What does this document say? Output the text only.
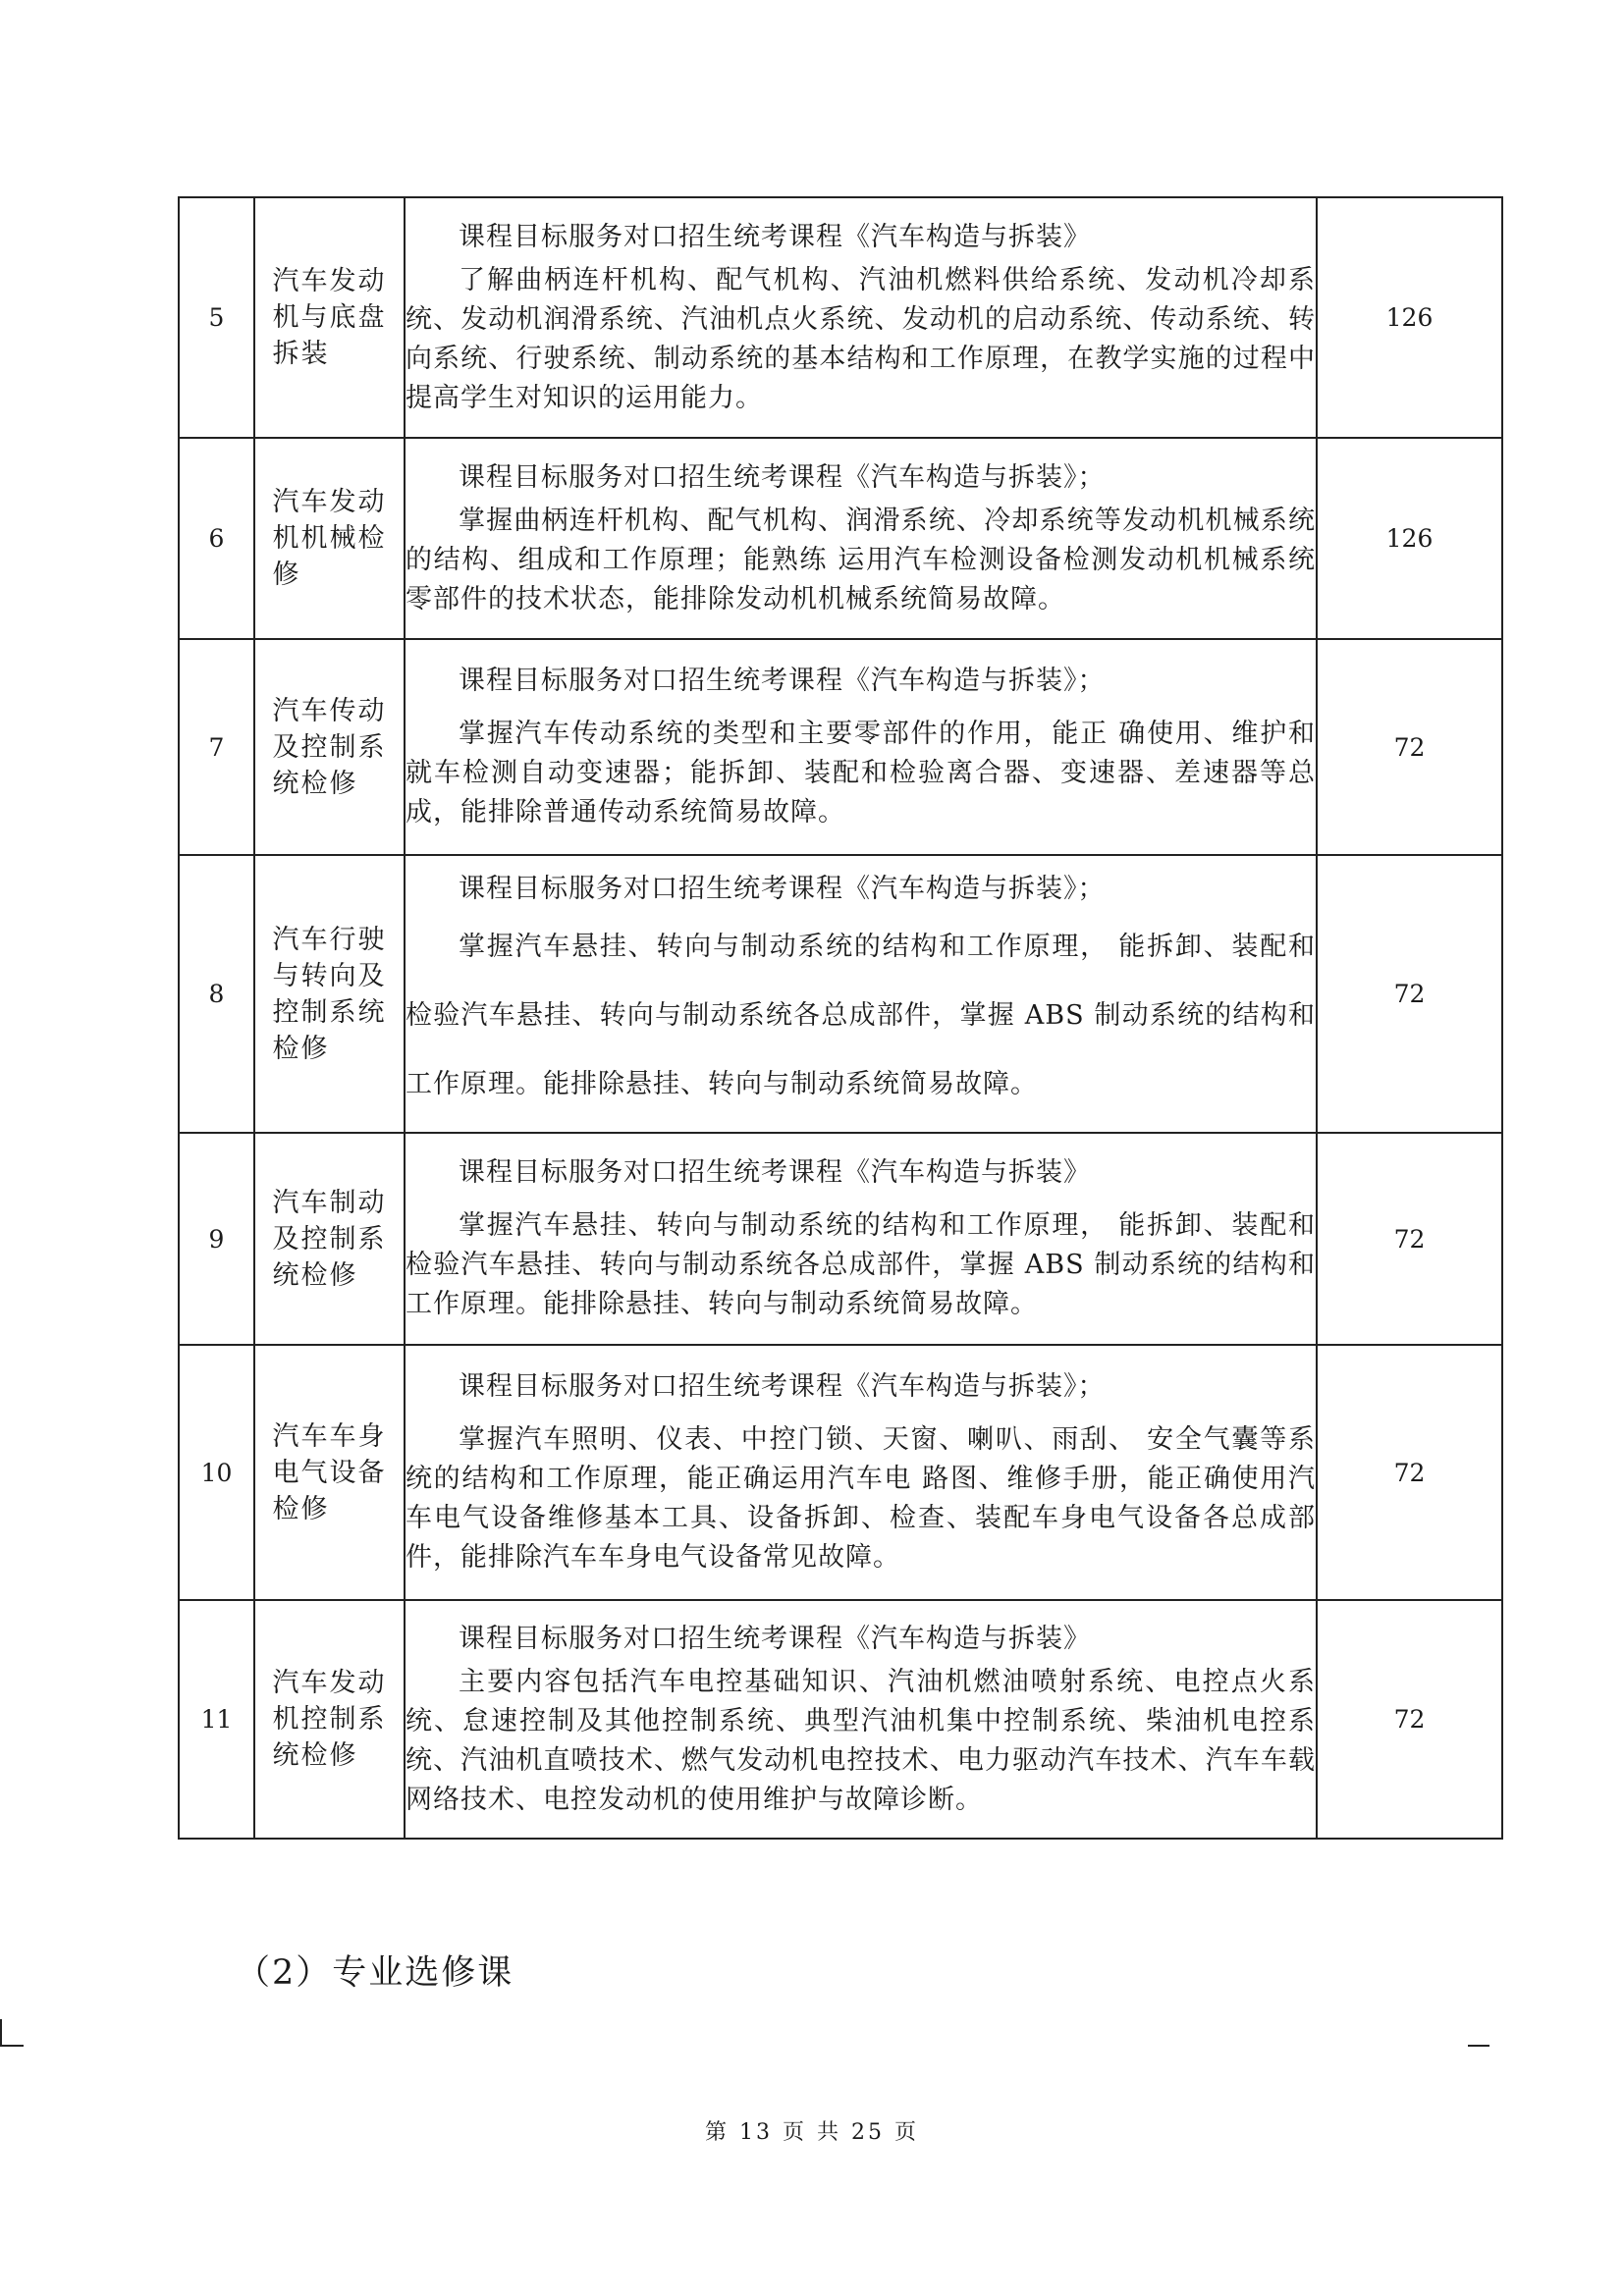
5	汽车发动机与底盘拆装	课程目标服务对口招生统考课程《汽车构造与拆装》

了解曲柄连杆机构、配气机构、汽油机燃料供给系统、发动机冷却系统、发动机润滑系统、汽油机点火系统、发动机的启动系统、传动系统、转向系统、行驶系统、制动系统的基本结构和工作原理，在教学实施的过程中提高学生对知识的运用能力。	126
6	汽车发动机机械检修	课程目标服务对口招生统考课程《汽车构造与拆装》；

掌握曲柄连杆机构、配气机构、润滑系统、冷却系统等发动机机械系统的结构、组成和工作原理；能熟练 运用汽车检测设备检测发动机机械系统零部件的技术状态，能排除发动机机械系统简易故障。	126
7	汽车传动及控制系统检修	课程目标服务对口招生统考课程《汽车构造与拆装》；

掌握汽车传动系统的类型和主要零部件的作用，能正 确使用、维护和就车检测自动变速器；能拆卸、装配和检验离合器、变速器、差速器等总成，能排除普通传动系统简易故障。	72
8	汽车行驶与转向及控制系统检修	课程目标服务对口招生统考课程《汽车构造与拆装》；

掌握汽车悬挂、转向与制动系统的结构和工作原理， 能拆卸、装配和检验汽车悬挂、转向与制动系统各总成部件，掌握 ABS 制动系统的结构和工作原理。能排除悬挂、转向与制动系统简易故障。	72
9	汽车制动及控制系统检修	课程目标服务对口招生统考课程《汽车构造与拆装》

掌握汽车悬挂、转向与制动系统的结构和工作原理， 能拆卸、装配和检验汽车悬挂、转向与制动系统各总成部件，掌握 ABS 制动系统的结构和工作原理。能排除悬挂、转向与制动系统简易故障。	72
10	汽车车身电气设备检修	课程目标服务对口招生统考课程《汽车构造与拆装》；

掌握汽车照明、仪表、中控门锁、天窗、喇叭、雨刮、 安全气囊等系统的结构和工作原理，能正确运用汽车电 路图、维修手册，能正确使用汽车电气设备维修基本工具、设备拆卸、检查、装配车身电气设备各总成部件，能排除汽车车身电气设备常见故障。	72
11	汽车发动机控制系统检修	课程目标服务对口招生统考课程《汽车构造与拆装》

主要内容包括汽车电控基础知识、汽油机燃油喷射系统、电控点火系统、怠速控制及其他控制系统、典型汽油机集中控制系统、柴油机电控系统、汽油机直喷技术、燃气发动机电控技术、电力驱动汽车技术、汽车车载网络技术、电控发动机的使用维护与故障诊断。	72
（2）专业选修课
第 13 页 共 25 页
